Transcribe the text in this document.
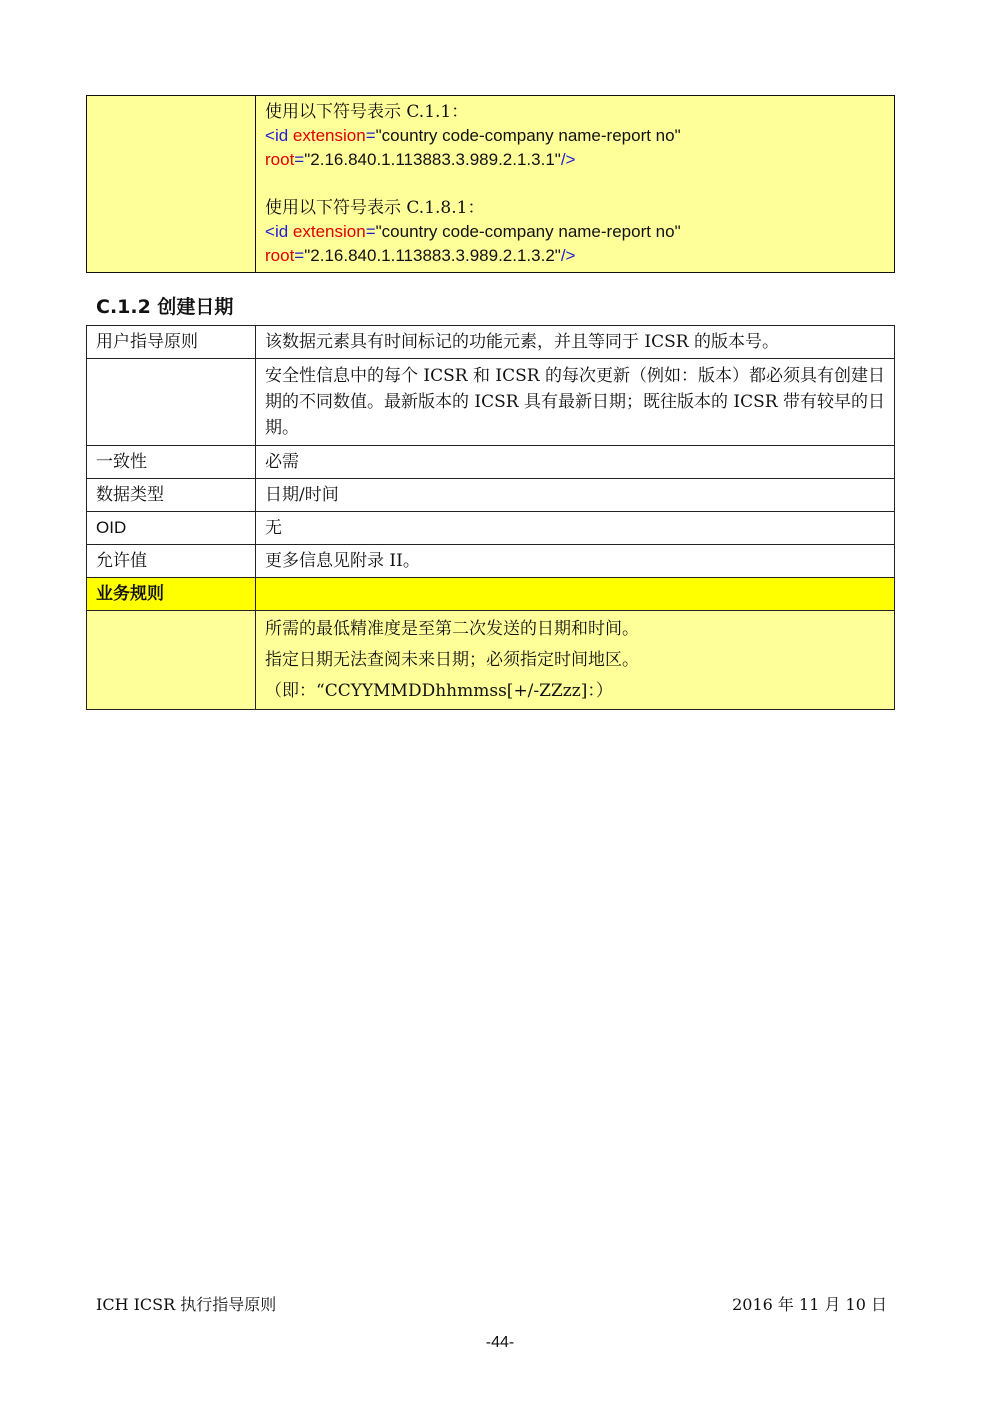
使用以下符号表示 C.1.1：
<id extension="country code-company name-report no"
root="2.16.840.1.113883.3.989.2.1.3.1"/>
使用以下符号表示 C.1.8.1：
<id extension="country code-company name-report no"
root="2.16.840.1.113883.3.989.2.1.3.2"/>
C.1.2 创建日期
用户指导原则	该数据元素具有时间标记的功能元素，并且等同于 ICSR 的版本号。
	安全性信息中的每个 ICSR 和 ICSR 的每次更新（例如：版本）都必须具有创建日期的不同数值。最新版本的 ICSR 具有最新日期；既往版本的 ICSR 带有较早的日期。
一致性	必需
数据类型	日期/时间
OID	无
允许值	更多信息见附录 II。
业务规则	

	所需的最低精准度是至第二次发送的日期和时间。
指定日期无法查阅未来日期；必须指定时间地区。
（即：“CCYYMMDDhhmmss[+/-ZZzz]：）
ICH ICSR 执行指导原则	2016 年 11 月 10 日
-44-
